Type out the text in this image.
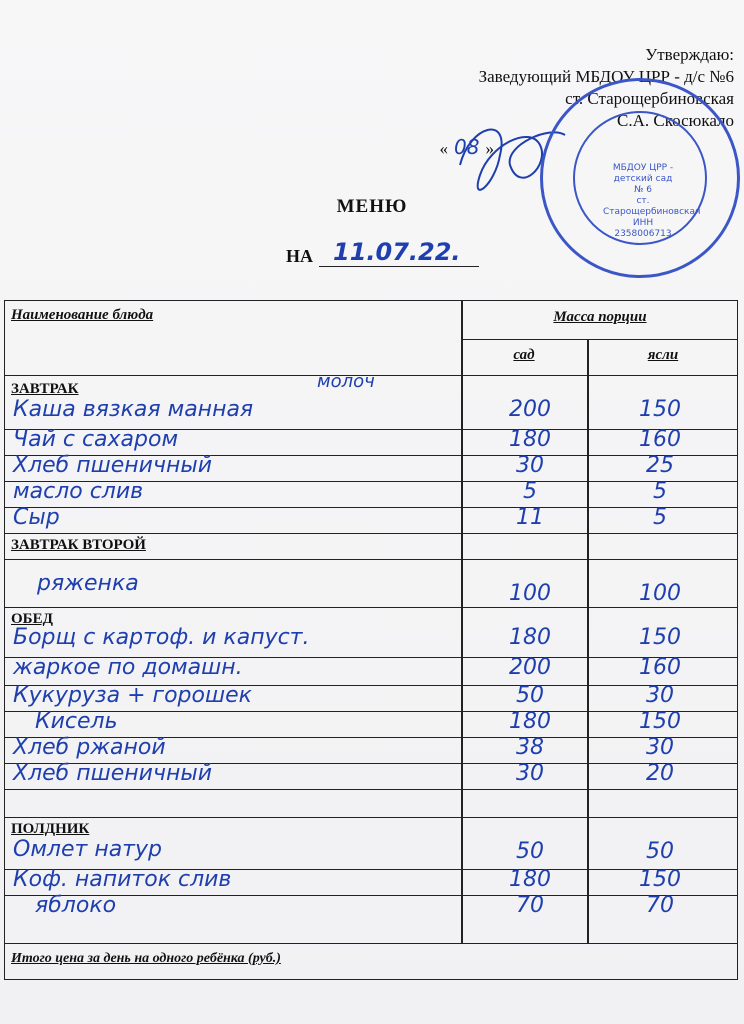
Утверждаю:
Заведующий МБДОУ ЦРР - д/с №6
ст. Старощербиновская
С.А. Скосюкало
« 08 »
МБДОУ ЦРР -
детский сад
№ 6
ст. Старощербиновская
ИНН 2358006713
МЕНЮ
НА 11.07.22.
Наименование блюда	Масса порции
сад	ясли
ЗАВТРАК	молоч
Каша вязкая манная	200	150
Чай с сахаром	180	160
Хлеб пшеничный	30	25
масло слив	5	5
Сыр	11	5
ЗАВТРАК ВТОРОЙ
ряженка	100	100
ОБЕД
Борщ с картоф. и капуст.	180	150
жаркое по домашн.	200	160
Кукуруза + горошек	50	30
Кисель	180	150
Хлеб ржаной	38	30
Хлеб пшеничный	30	20
ПОЛДНИК
Омлет натур	50	50
Коф. напиток слив	180	150
яблоко	70	70
Итого цена за день на одного ребёнка (руб.)
